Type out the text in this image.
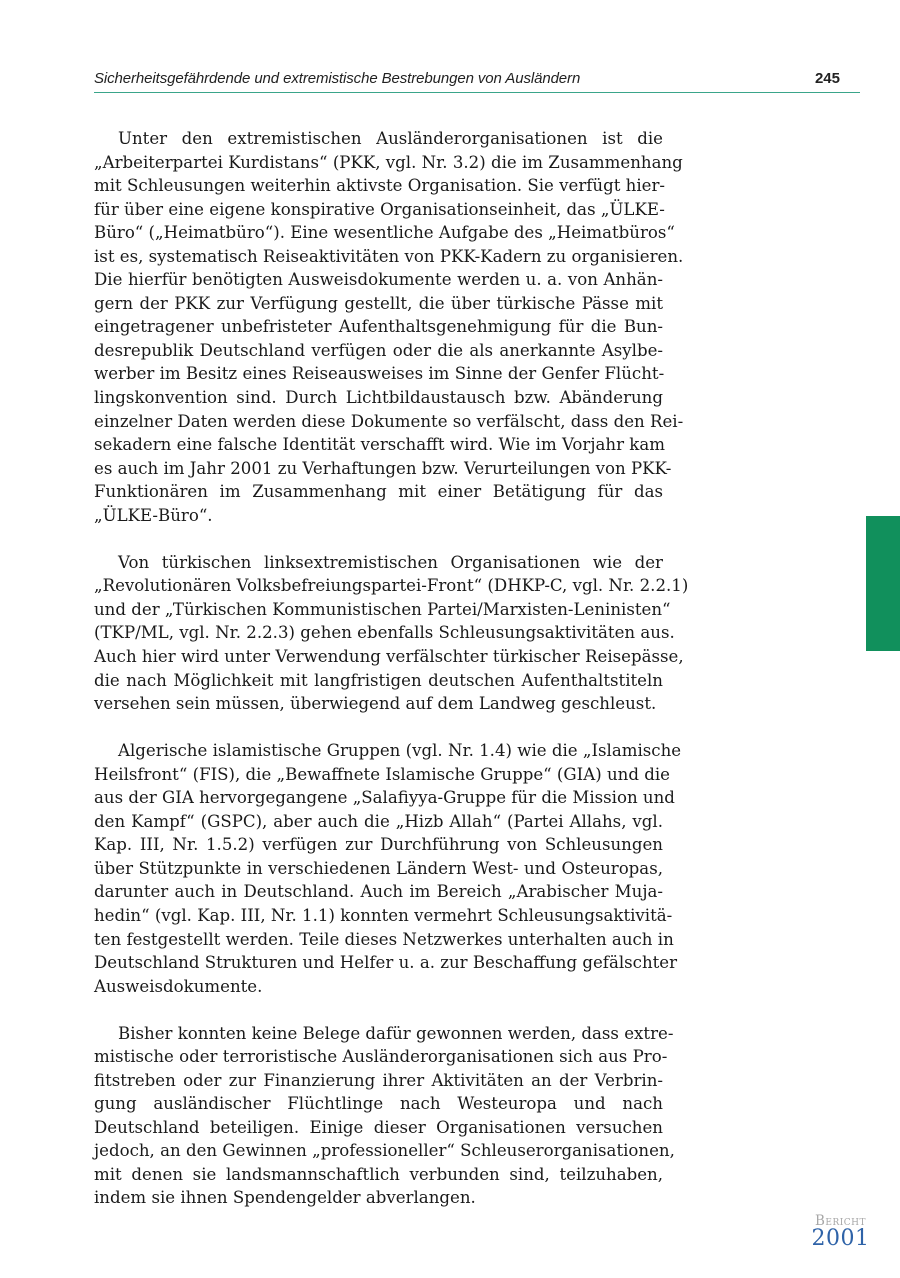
Sicherheitsgefährdende und extremistische Bestrebungen von Ausländern	245
Unter den extremistischen Ausländerorganisationen ist die
„Arbeiterpartei Kurdistans“ (PKK, vgl. Nr. 3.2) die im Zusammenhang
mit Schleusungen weiterhin aktivste Organisation. Sie verfügt hier-
für über eine eigene konspirative Organisationseinheit, das „ÜLKE-
Büro“ („Heimatbüro“). Eine wesentliche Aufgabe des „Heimatbüros“
ist es, systematisch Reiseaktivitäten von PKK-Kadern zu organisieren.
Die hierfür benötigten Ausweisdokumente werden u. a. von Anhän-
gern der PKK zur Verfügung gestellt, die über türkische Pässe mit
eingetragener unbefristeter Aufenthaltsgenehmigung für die Bun-
desrepublik Deutschland verfügen oder die als anerkannte Asylbe-
werber im Besitz eines Reiseausweises im Sinne der Genfer Flücht-
lingskonvention sind. Durch Lichtbildaustausch bzw. Abänderung
einzelner Daten werden diese Dokumente so verfälscht, dass den Rei-
sekadern eine falsche Identität verschafft wird. Wie im Vorjahr kam
es auch im Jahr 2001 zu Verhaftungen bzw. Verurteilungen von PKK-
Funktionären im Zusammenhang mit einer Betätigung für das
„ÜLKE-Büro“.
Von türkischen linksextremistischen Organisationen wie der
„Revolutionären Volksbefreiungspartei-Front“ (DHKP-C, vgl. Nr. 2.2.1)
und der „Türkischen Kommunistischen Partei/Marxisten-Leninisten“
(TKP/ML, vgl. Nr. 2.2.3) gehen ebenfalls Schleusungsaktivitäten aus.
Auch hier wird unter Verwendung verfälschter türkischer Reisepässe,
die nach Möglichkeit mit langfristigen deutschen Aufenthaltstiteln
versehen sein müssen, überwiegend auf dem Landweg geschleust.
Algerische islamistische Gruppen (vgl. Nr. 1.4) wie die „Islamische
Heilsfront“ (FIS), die „Bewaffnete Islamische Gruppe“ (GIA) und die
aus der GIA hervorgegangene „Salafiyya-Gruppe für die Mission und
den Kampf“ (GSPC), aber auch die „Hizb Allah“ (Partei Allahs, vgl.
Kap. III, Nr. 1.5.2) verfügen zur Durchführung von Schleusungen
über Stützpunkte in verschiedenen Ländern West- und Osteuropas,
darunter auch in Deutschland. Auch im Bereich „Arabischer Muja-
hedin“ (vgl. Kap. III, Nr. 1.1) konnten vermehrt Schleusungsaktivitä-
ten festgestellt werden. Teile dieses Netzwerkes unterhalten auch in
Deutschland Strukturen und Helfer u. a. zur Beschaffung gefälschter
Ausweisdokumente.
Bisher konnten keine Belege dafür gewonnen werden, dass extre-
mistische oder terroristische Ausländerorganisationen sich aus Pro-
fitstreben oder zur Finanzierung ihrer Aktivitäten an der Verbrin-
gung ausländischer Flüchtlinge nach Westeuropa und nach
Deutschland beteiligen. Einige dieser Organisationen versuchen
jedoch, an den Gewinnen „professioneller“ Schleuserorganisationen,
mit denen sie landsmannschaftlich verbunden sind, teilzuhaben,
indem sie ihnen Spendengelder abverlangen.
Bericht
2001
